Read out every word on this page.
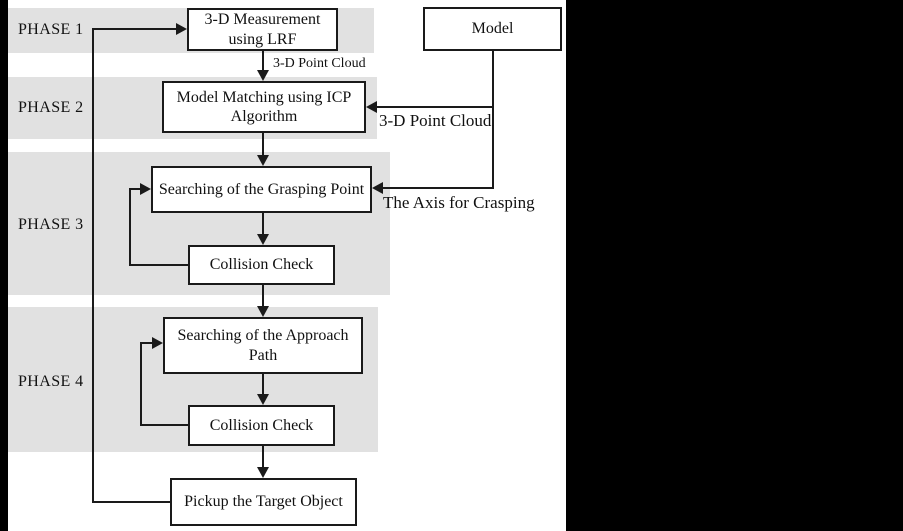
PHASE 1
PHASE 2
PHASE 3
PHASE 4
3-D Measurement
using LRF
Model
Model Matching using ICP
Algorithm
Searching of the Grasping Point
Collision Check
Searching of the Approach
Path
Collision Check
Pickup the Target Object
3-D Point Cloud
3-D Point Cloud
The Axis for Crasping
